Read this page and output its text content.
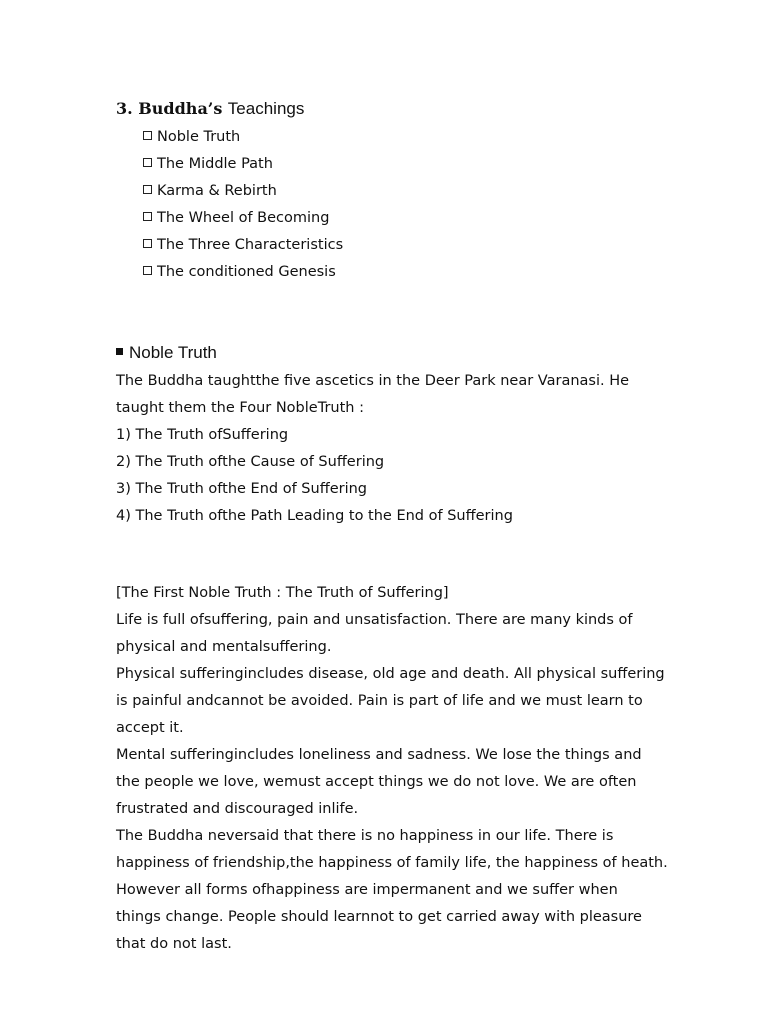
3. Buddha’s Teachings
Noble Truth
The Middle Path
Karma & Rebirth
The Wheel of Becoming
The Three Characteristics
The conditioned Genesis
Noble Truth

The Buddha taughtthe five ascetics in the Deer Park near Varanasi. He

taught them the Four NobleTruth :

1) The Truth ofSuffering

2) The Truth ofthe Cause of Suffering

3) The Truth ofthe End of Suffering

4) The Truth ofthe Path Leading to the End of Suffering

[The First Noble Truth : The Truth of Suffering]

Life is full ofsuffering, pain and unsatisfaction. There are many kinds of

physical and mentalsuffering.

Physical sufferingincludes disease, old age and death. All physical suffering

is painful andcannot be avoided. Pain is part of life and we must learn to

accept it.

Mental sufferingincludes loneliness and sadness. We lose the things and

the people we love, wemust accept things we do not love. We are often

frustrated and discouraged inlife.

The Buddha neversaid that there is no happiness in our life. There is

happiness of friendship,the happiness of family life, the happiness of heath.

However all forms ofhappiness are impermanent and we suffer when

things change. People should learnnot to get carried away with pleasure

that do not last.
